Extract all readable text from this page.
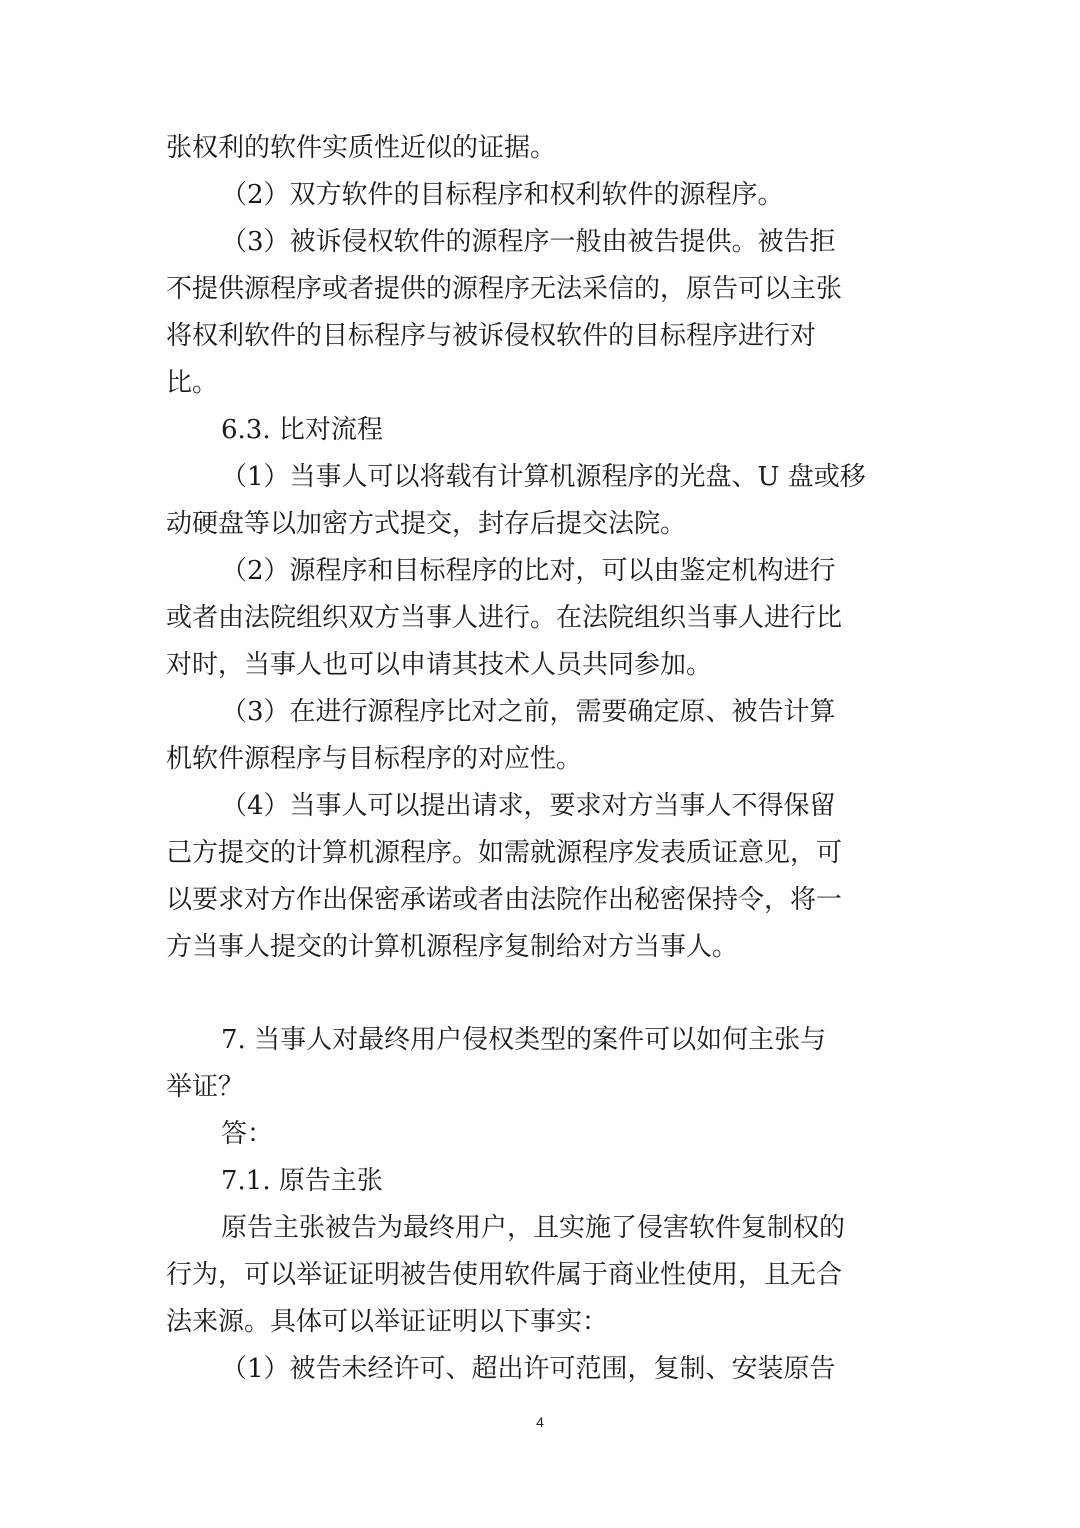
张权利的软件实质性近似的证据。
（2）双方软件的目标程序和权利软件的源程序。
（3）被诉侵权软件的源程序一般由被告提供。被告拒
不提供源程序或者提供的源程序无法采信的，原告可以主张
将权利软件的目标程序与被诉侵权软件的目标程序进行对
比。
6.3. 比对流程
（1）当事人可以将载有计算机源程序的光盘、U 盘或移
动硬盘等以加密方式提交，封存后提交法院。
（2）源程序和目标程序的比对，可以由鉴定机构进行
或者由法院组织双方当事人进行。在法院组织当事人进行比
对时，当事人也可以申请其技术人员共同参加。
（3）在进行源程序比对之前，需要确定原、被告计算
机软件源程序与目标程序的对应性。
（4）当事人可以提出请求，要求对方当事人不得保留
己方提交的计算机源程序。如需就源程序发表质证意见，可
以要求对方作出保密承诺或者由法院作出秘密保持令，将一
方当事人提交的计算机源程序复制给对方当事人。
7. 当事人对最终用户侵权类型的案件可以如何主张与
举证？
答：
7.1. 原告主张
原告主张被告为最终用户，且实施了侵害软件复制权的
行为，可以举证证明被告使用软件属于商业性使用，且无合
法来源。具体可以举证证明以下事实：
（1）被告未经许可、超出许可范围，复制、安装原告
4
